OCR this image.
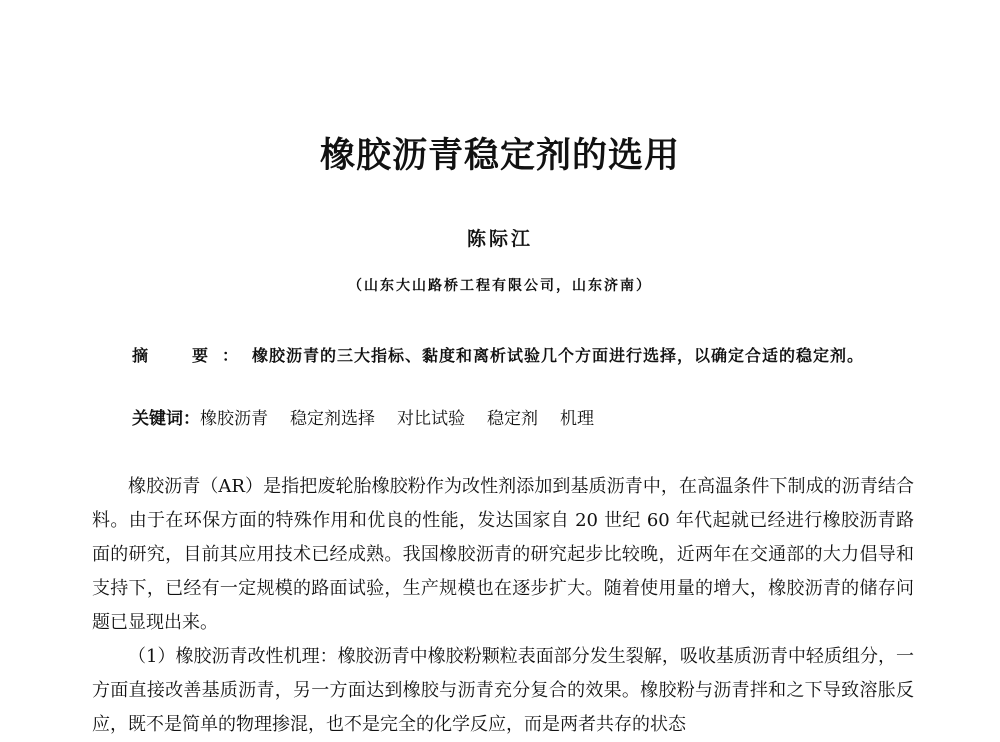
橡胶沥青稳定剂的选用
陈际江
（山东大山路桥工程有限公司，山东济南）
摘　要：橡胶沥青的三大指标、黏度和离析试验几个方面进行选择，以确定合适的稳定剂。
关键词：橡胶沥青 稳定剂选择 对比试验 稳定剂 机理

橡胶沥青（AR）是指把废轮胎橡胶粉作为改性剂添加到基质沥青中，在高温条件下制成的沥青结合料。由于在环保方面的特殊作用和优良的性能，发达国家自 20 世纪 60 年代起就已经进行橡胶沥青路面的研究，目前其应用技术已经成熟。我国橡胶沥青的研究起步比较晚，近两年在交通部的大力倡导和支持下，已经有一定规模的路面试验，生产规模也在逐步扩大。随着使用量的增大，橡胶沥青的储存问题已显现出来。

（1）橡胶沥青改性机理：橡胶沥青中橡胶粉颗粒表面部分发生裂解，吸收基质沥青中轻质组分，一方面直接改善基质沥青，另一方面达到橡胶与沥青充分复合的效果。橡胶粉与沥青拌和之下导致溶胀反应，既不是简单的物理掺混，也不是完全的化学反应，而是两者共存的状态
